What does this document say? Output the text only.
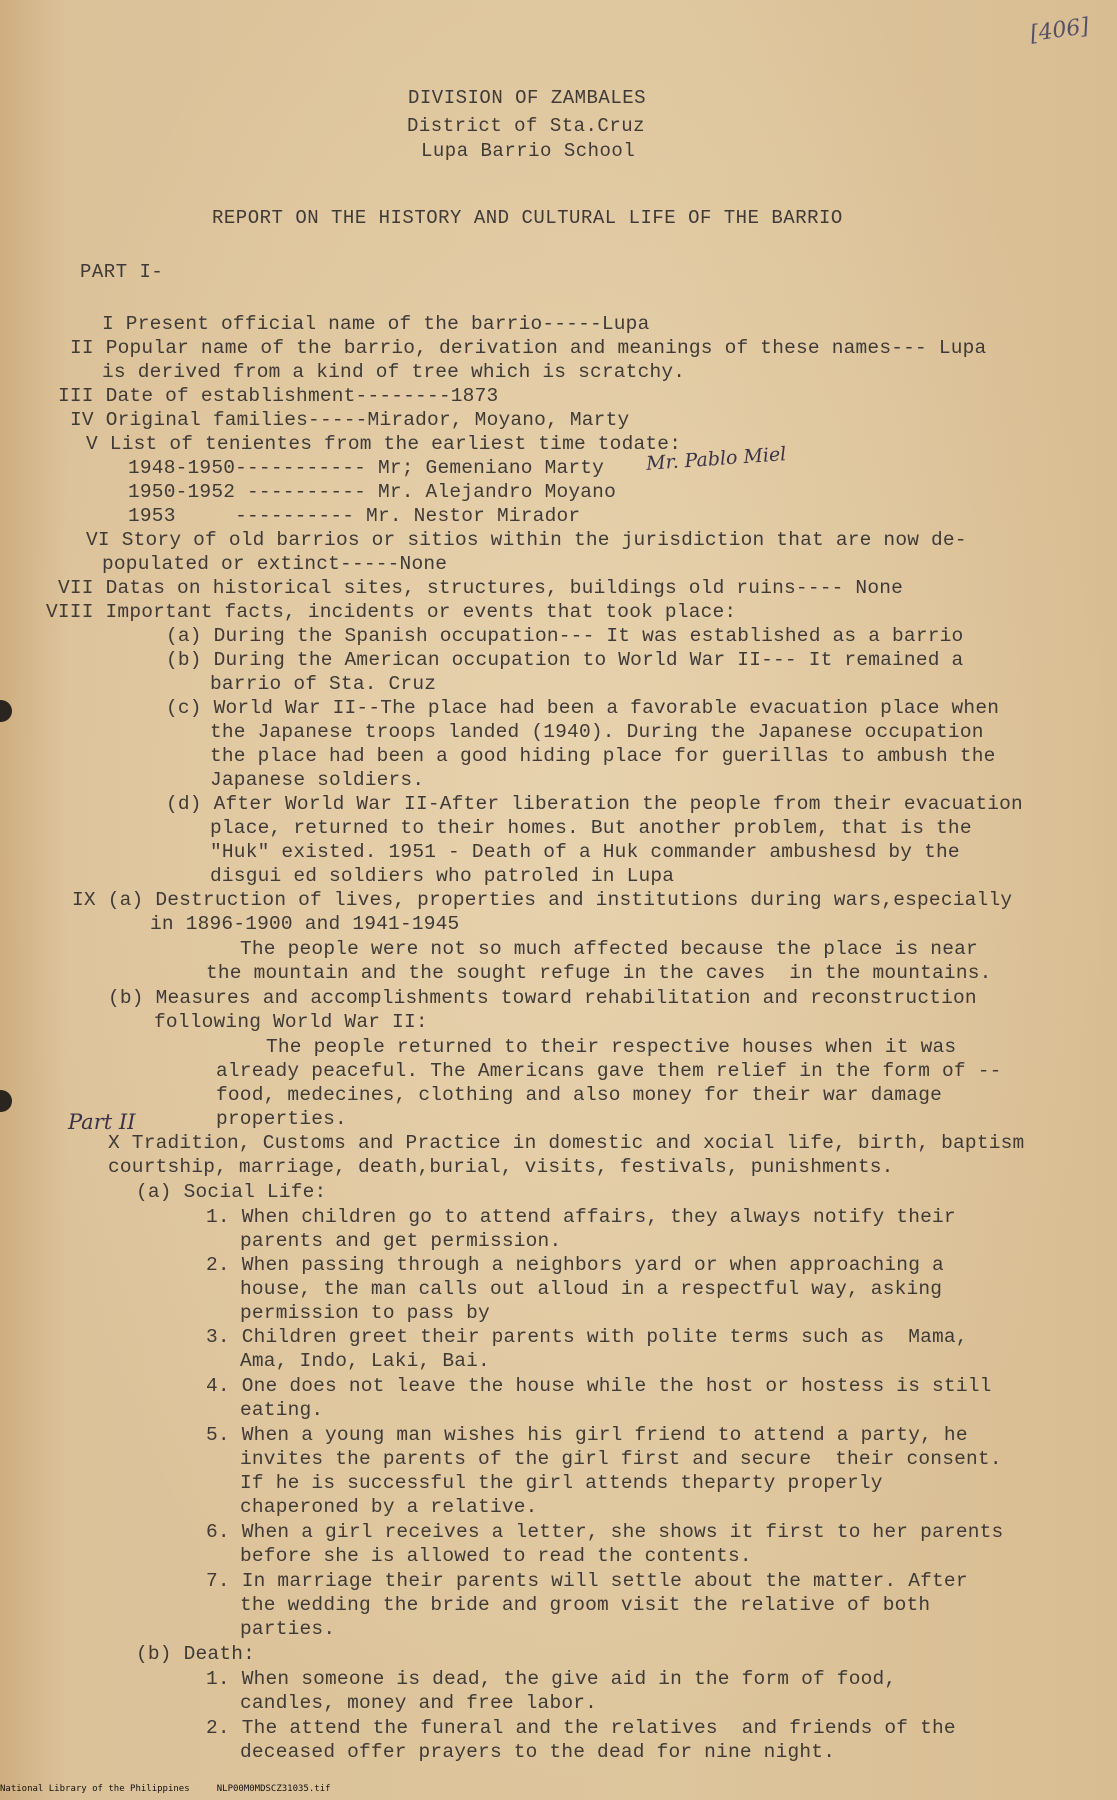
[406]
DIVISION OF ZAMBALES
District of Sta.Cruz
Lupa Barrio School
REPORT ON THE HISTORY AND CULTURAL LIFE OF THE BARRIO
PART I-
I Present official name of the barrio-----Lupa
II Popular name of the barrio, derivation and meanings of these names--- Lupa
is derived from a kind of tree which is scratchy.
III Date of establishment--------1873
IV Original families-----Mirador, Moyano, Marty
V List of tenientes from the earliest time todate:
1948-1950----------- Mr; Gemeniano Marty
1950-1952 ---------- Mr. Alejandro Moyano
1953     ---------- Mr. Nestor Mirador
VI Story of old barrios or sitios within the jurisdiction that are now de-
populated or extinct-----None
VII Datas on historical sites, structures, buildings old ruins---- None
VIII Important facts, incidents or events that took place:
(a) During the Spanish occupation--- It was established as a barrio
(b) During the American occupation to World War II--- It remained a
barrio of Sta. Cruz
(c) World War II--The place had been a favorable evacuation place when
the Japanese troops landed (1940). During the Japanese occupation
the place had been a good hiding place for guerillas to ambush the
Japanese soldiers.
(d) After World War II-After liberation the people from their evacuation
place, returned to their homes. But another problem, that is the
"Huk" existed. 1951 - Death of a Huk commander ambushesd by the
disgui ed soldiers who patroled in Lupa
IX (a) Destruction of lives, properties and institutions during wars,especially
in 1896-1900 and 1941-1945
The people were not so much affected because the place is near
the mountain and the sought refuge in the caves  in the mountains.
(b) Measures and accomplishments toward rehabilitation and reconstruction
following World War II:
The people returned to their respective houses when it was
already peaceful. The Americans gave them relief in the form of --
food, medecines, clothing and also money for their war damage
properties.
X Tradition, Customs and Practice in domestic and xocial life, birth, baptism
courtship, marriage, death,burial, visits, festivals, punishments.
(a) Social Life:
1. When children go to attend affairs, they always notify their
parents and get permission.
2. When passing through a neighbors yard or when approaching a
house, the man calls out alloud in a respectful way, asking
permission to pass by
3. Children greet their parents with polite terms such as  Mama,
Ama, Indo, Laki, Bai.
4. One does not leave the house while the host or hostess is still
eating.
5. When a young man wishes his girl friend to attend a party, he
invites the parents of the girl first and secure  their consent.
If he is successful the girl attends theparty properly
chaperoned by a relative.
6. When a girl receives a letter, she shows it first to her parents
before she is allowed to read the contents.
7. In marriage their parents will settle about the matter. After
the wedding the bride and groom visit the relative of both
parties.
(b) Death:
1. When someone is dead, the give aid in the form of food,
candles, money and free labor.
2. The attend the funeral and the relatives  and friends of the
deceased offer prayers to the dead for nine night.
Mr. Pablo Miel
Part II
National Library of the Philippines     NLP00M0MDSCZ31035.tif
